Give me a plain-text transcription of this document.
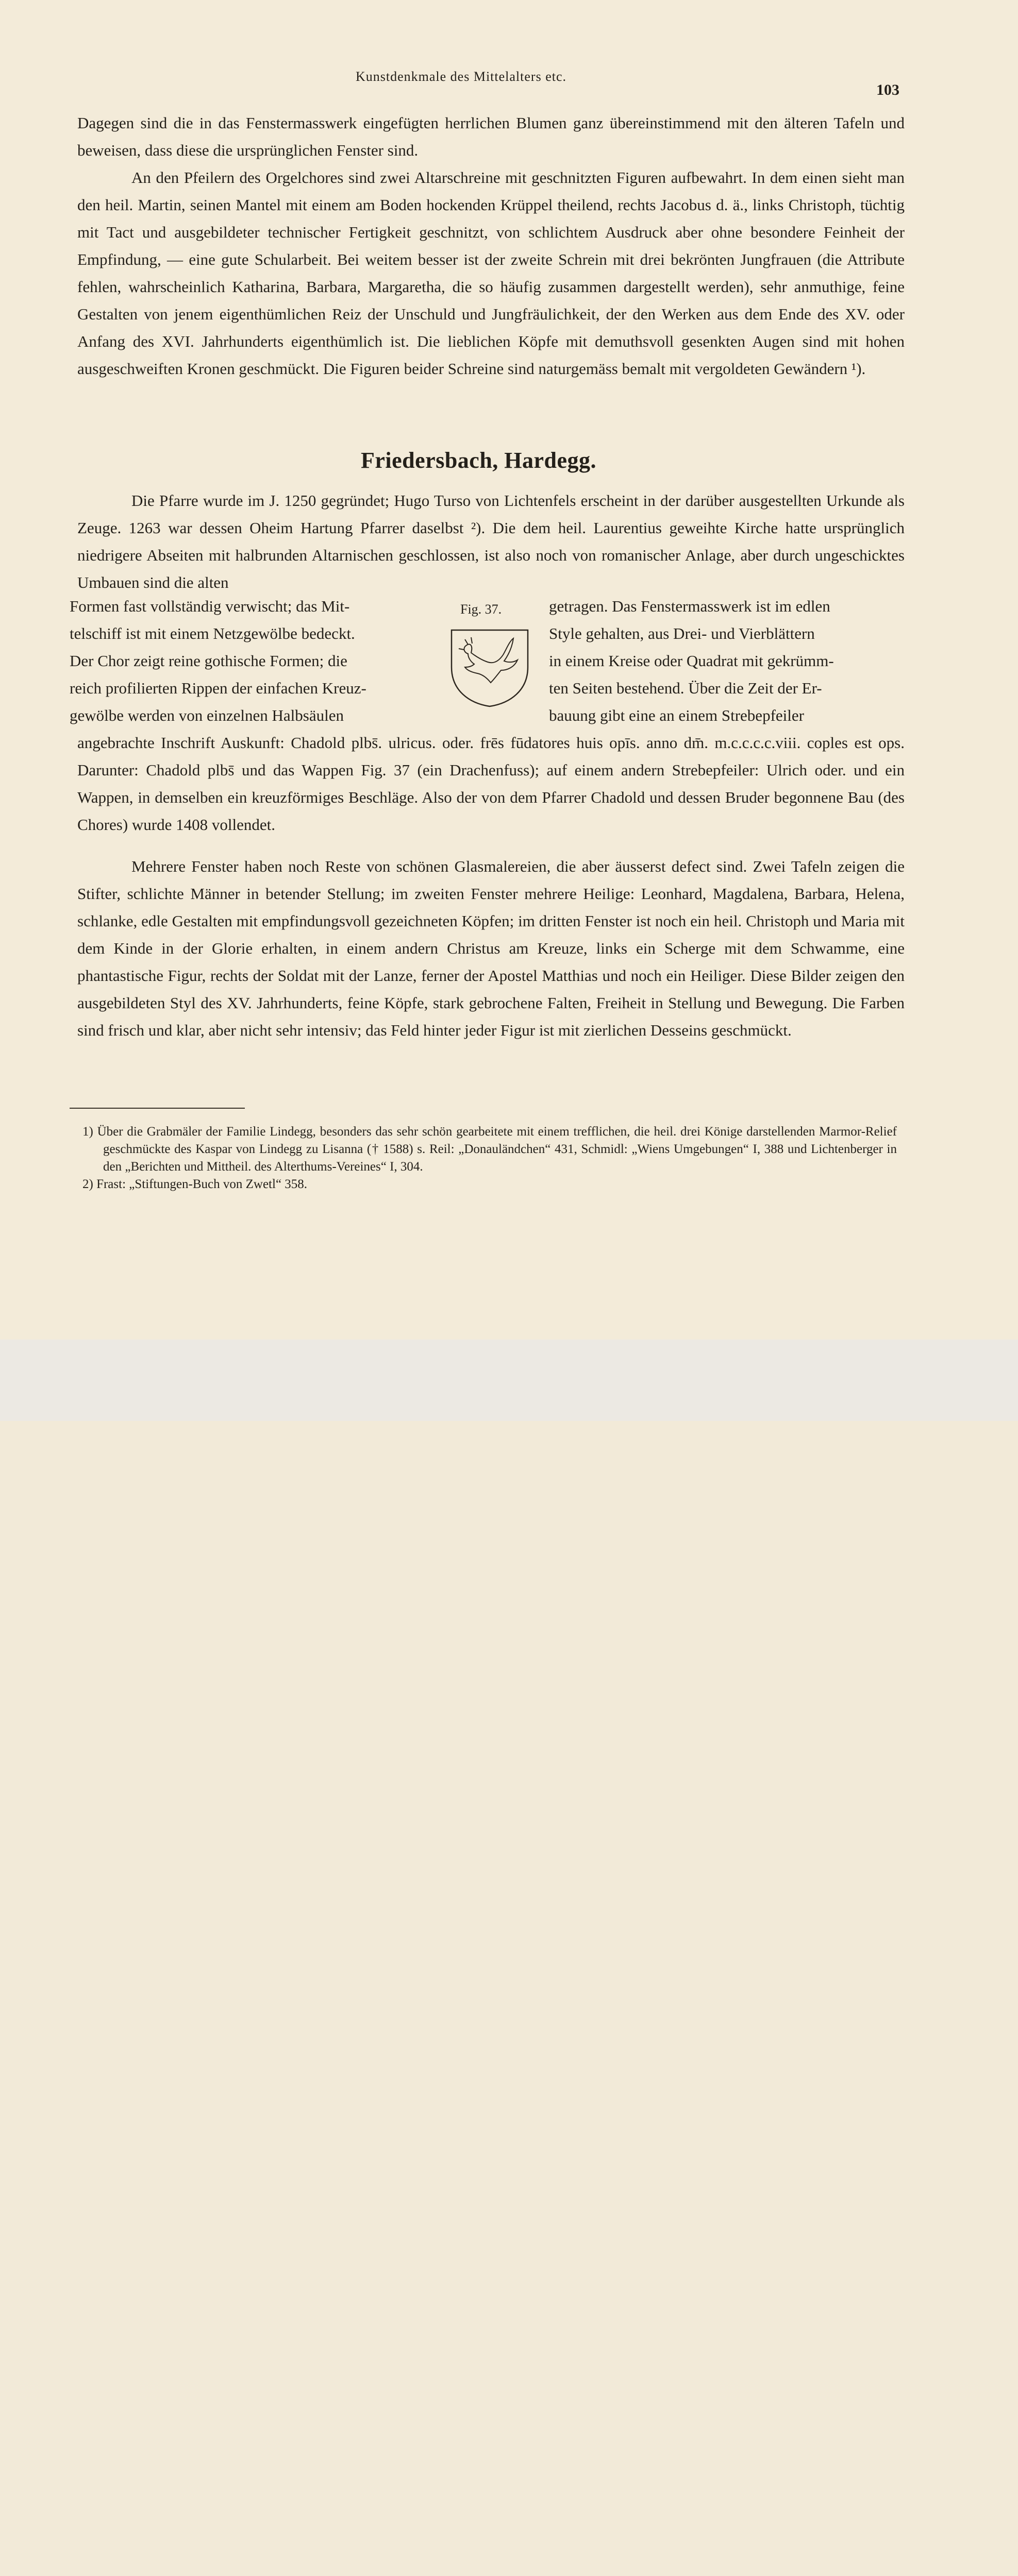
Kunstdenkmale des Mittelalters etc.
103

Dagegen sind die in das Fenstermasswerk eingefügten herrlichen Blumen ganz übereinstimmend mit den älteren Tafeln und beweisen, dass diese die ursprünglichen Fenster sind.

An den Pfeilern des Orgelchores sind zwei Altarschreine mit geschnitzten Figuren aufbewahrt. In dem einen sieht man den heil. Martin, seinen Mantel mit einem am Boden hockenden Krüppel theilend, rechts Jacobus d. ä., links Christoph, tüchtig mit Tact und ausgebildeter technischer Fertigkeit geschnitzt, von schlichtem Ausdruck aber ohne besondere Feinheit der Empfindung, — eine gute Schularbeit. Bei weitem besser ist der zweite Schrein mit drei bekrönten Jungfrauen (die Attribute fehlen, wahrscheinlich Katharina, Barbara, Margaretha, die so häufig zusammen dargestellt werden), sehr anmuthige, feine Gestalten von jenem eigenthümlichen Reiz der Unschuld und Jungfräulichkeit, der den Werken aus dem Ende des XV. oder Anfang des XVI. Jahrhunderts eigenthümlich ist. Die lieblichen Köpfe mit demuthsvoll gesenkten Augen sind mit hohen ausgeschweiften Kronen geschmückt. Die Figuren beider Schreine sind naturgemäss bemalt mit vergoldeten Gewändern ¹).

Friedersbach, Hardegg.

Die Pfarre wurde im J. 1250 gegründet; Hugo Turso von Lichtenfels erscheint in der darüber ausgestellten Urkunde als Zeuge. 1263 war dessen Oheim Hartung Pfarrer daselbst ²). Die dem heil. Laurentius geweihte Kirche hatte ursprünglich niedrigere Abseiten mit halbrunden Altarnischen geschlossen, ist also noch von romanischer Anlage, aber durch ungeschicktes Umbauen sind die alten

Formen fast vollständig verwischt; das Mit-
telschiff ist mit einem Netzgewölbe bedeckt.
Der Chor zeigt reine gothische Formen; die
reich profilierten Rippen der einfachen Kreuz-
gewölbe werden von einzelnen Halbsäulen
Fig. 37.	getragen. Das Fenstermasswerk ist im edlen
Style gehalten, aus Drei- und Vierblättern
in einem Kreise oder Quadrat mit gekrümm-
ten Seiten bestehend. Über die Zeit der Er-
bauung gibt eine an einem Strebepfeiler

angebrachte Inschrift Auskunft: Chadold plbs̄. ulricus. oder. frēs fūdatores huis opīs. anno dm̄. m.c.c.c.c.viii. coples est ops. Darunter: Chadold plbs̄ und das Wappen Fig. 37 (ein Drachenfuss); auf einem andern Strebepfeiler: Ulrich oder. und ein Wappen, in demselben ein kreuzförmiges Beschläge. Also der von dem Pfarrer Chadold und dessen Bruder begonnene Bau (des Chores) wurde 1408 vollendet.

Mehrere Fenster haben noch Reste von schönen Glasmalereien, die aber äusserst defect sind. Zwei Tafeln zeigen die Stifter, schlichte Männer in betender Stellung; im zweiten Fenster mehrere Heilige: Leonhard, Magdalena, Barbara, Helena, schlanke, edle Gestalten mit empfindungsvoll gezeichneten Köpfen; im dritten Fenster ist noch ein heil. Christoph und Maria mit dem Kinde in der Glorie erhalten, in einem andern Christus am Kreuze, links ein Scherge mit dem Schwamme, eine phantastische Figur, rechts der Soldat mit der Lanze, ferner der Apostel Matthias und noch ein Heiliger. Diese Bilder zeigen den ausgebildeten Styl des XV. Jahrhunderts, feine Köpfe, stark gebrochene Falten, Freiheit in Stellung und Bewegung. Die Farben sind frisch und klar, aber nicht sehr intensiv; das Feld hinter jeder Figur ist mit zierlichen Desseins geschmückt.

1) Über die Grabmäler der Familie Lindegg, besonders das sehr schön gearbeitete mit einem trefflichen, die heil. drei Könige darstellenden Marmor-Relief geschmückte des Kaspar von Lindegg zu Lisanna († 1588) s. Reil: „Donauländchen“ 431, Schmidl: „Wiens Umgebungen“ I, 388 und Lichtenberger in den „Berichten und Mittheil. des Alterthums-Vereines“ I, 304.

2) Frast: „Stiftungen-Buch von Zwetl“ 358.
